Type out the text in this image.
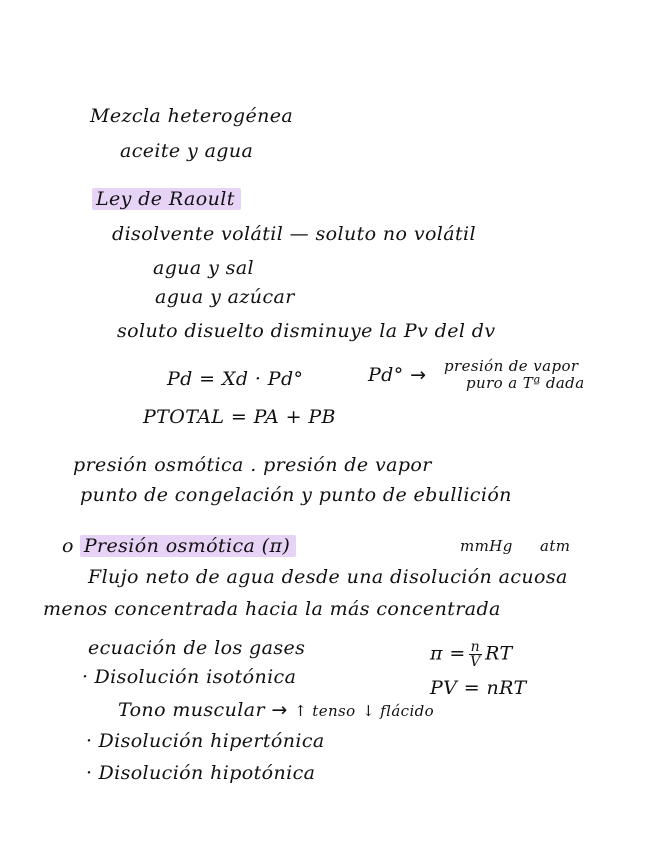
Mezcla heterogénea
aceite y agua
Ley de Raoult
disolvente volátil — soluto no volátil
agua y sal
agua y azúcar
soluto disuelto disminuye la Pv del dv
Pd = Xd · Pd°	Pd° → presión de vapor
puro a Tª dada
PTOTAL = PA + PB
presión osmótica . presión de vapor
punto de congelación y punto de ebullición
o Presión osmótica (π)	mmHg atm
Flujo neto de agua desde una disolución acuosa
menos concentrada hacia la más concentrada
ecuación de los gases	$\pi = \frac{n}{V}$ RT
· Disolución isotónica	PV = nRT
Tono muscular → ↑ tenso ↓ flácido
· Disolución hipertónica
· Disolución hipotónica
